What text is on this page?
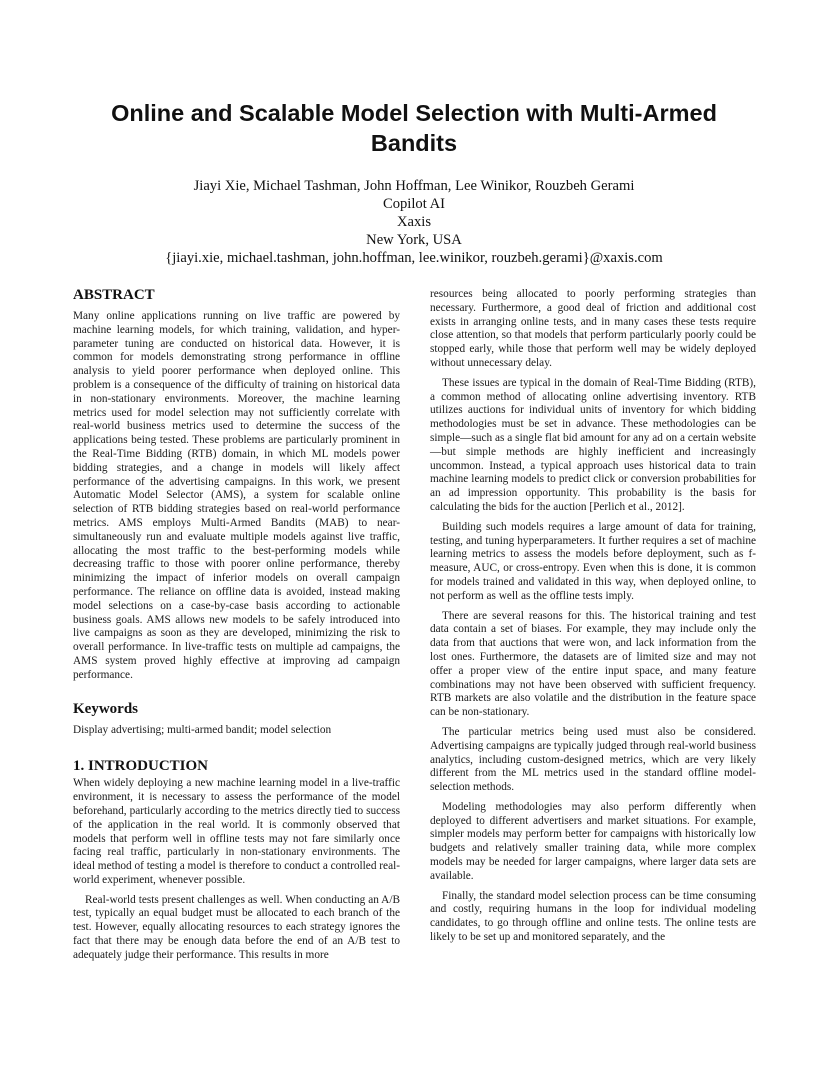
Online and Scalable Model Selection with Multi-Armed
Bandits
Jiayi Xie, Michael Tashman, John Hoffman, Lee Winikor, Rouzbeh Gerami
Copilot AI
Xaxis
New York, USA
{jiayi.xie, michael.tashman, john.hoffman, lee.winikor, rouzbeh.gerami}@xaxis.com
ABSTRACT

Many online applications running on live traffic are powered by machine learning models, for which training, validation, and hyper-parameter tuning are conducted on historical data. However, it is common for models demonstrating strong performance in offline analysis to yield poorer performance when deployed online. This problem is a consequence of the difficulty of training on historical data in non-stationary environments. Moreover, the machine learning metrics used for model selection may not sufficiently correlate with real-world business metrics used to determine the success of the applications being tested. These problems are particularly prominent in the Real-Time Bidding (RTB) domain, in which ML models power bidding strategies, and a change in models will likely affect performance of the advertising campaigns. In this work, we present Automatic Model Selector (AMS), a system for scalable online selection of RTB bidding strategies based on real-world performance metrics. AMS employs Multi-Armed Bandits (MAB) to near-simultaneously run and evaluate multiple models against live traffic, allocating the most traffic to the best-performing models while decreasing traffic to those with poorer online performance, thereby minimizing the impact of inferior models on overall campaign performance. The reliance on offline data is avoided, instead making model selections on a case-by-case basis according to actionable business goals. AMS allows new models to be safely introduced into live campaigns as soon as they are developed, minimizing the risk to overall performance. In live-traffic tests on multiple ad campaigns, the AMS system proved highly effective at improving ad campaign performance.

Keywords

Display advertising; multi-armed bandit; model selection

1. INTRODUCTION

When widely deploying a new machine learning model in a live-traffic environment, it is necessary to assess the performance of the model beforehand, particularly according to the metrics directly tied to success of the application in the real world. It is commonly observed that models that perform well in offline tests may not fare similarly once facing real traffic, particularly in non-stationary environments. The ideal method of testing a model is therefore to conduct a controlled real-world experiment, whenever possible.

Real-world tests present challenges as well. When conducting an A/B test, typically an equal budget must be allocated to each branch of the test. However, equally allocating resources to each strategy ignores the fact that there may be enough data before the end of an A/B test to adequately judge their performance. This results in more

resources being allocated to poorly performing strategies than necessary. Furthermore, a good deal of friction and additional cost exists in arranging online tests, and in many cases these tests require close attention, so that models that perform particularly poorly could be stopped early, while those that perform well may be widely deployed without unnecessary delay.

These issues are typical in the domain of Real-Time Bidding (RTB), a common method of allocating online advertising inventory. RTB utilizes auctions for individual units of inventory for which bidding methodologies must be set in advance. These methodologies can be simple—such as a single flat bid amount for any ad on a certain website—but simple methods are highly inefficient and increasingly uncommon. Instead, a typical approach uses historical data to train machine learning models to predict click or conversion probabilities for an ad impression opportunity. This probability is the basis for calculating the bids for the auction [Perlich et al., 2012].

Building such models requires a large amount of data for training, testing, and tuning hyperparameters. It further requires a set of machine learning metrics to assess the models before deployment, such as f-measure, AUC, or cross-entropy. Even when this is done, it is common for models trained and validated in this way, when deployed online, to not perform as well as the offline tests imply.

There are several reasons for this. The historical training and test data contain a set of biases. For example, they may include only the data from that auctions that were won, and lack information from the lost ones. Furthermore, the datasets are of limited size and may not offer a proper view of the entire input space, and many feature combinations may not have been observed with sufficient frequency. RTB markets are also volatile and the distribution in the feature space can be non-stationary.

The particular metrics being used must also be considered. Advertising campaigns are typically judged through real-world business analytics, including custom-designed metrics, which are very likely different from the ML metrics used in the standard offline model-selection methods.

Modeling methodologies may also perform differently when deployed to different advertisers and market situations. For example, simpler models may perform better for campaigns with historically low budgets and relatively smaller training data, while more complex models may be needed for larger campaigns, where larger data sets are available.

Finally, the standard model selection process can be time consuming and costly, requiring humans in the loop for individual modeling candidates, to go through offline and online tests. The online tests are likely to be set up and monitored separately, and the
